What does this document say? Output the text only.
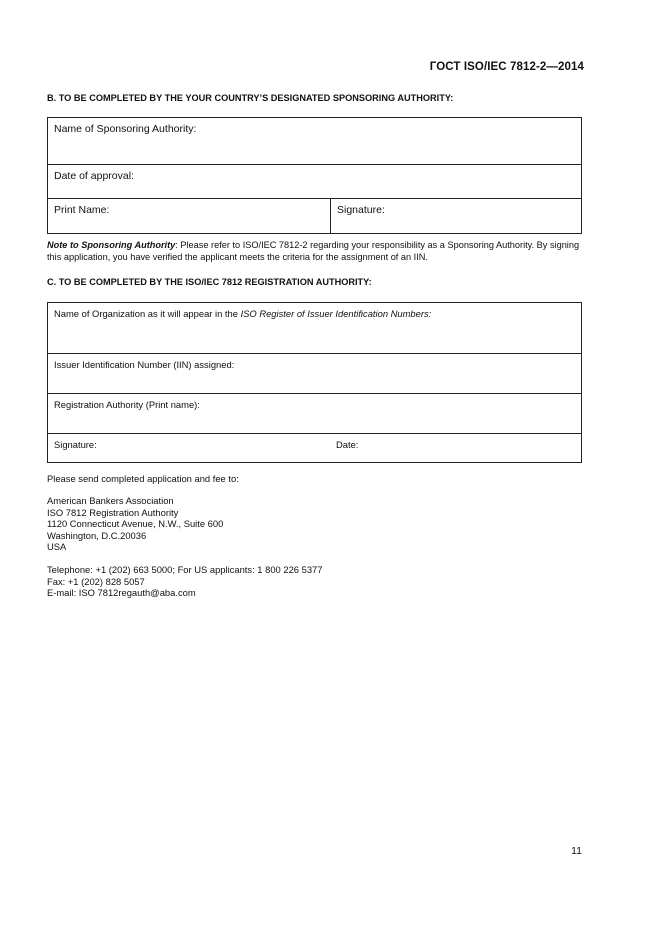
ГОСТ ISO/IEC 7812-2—2014
B. TO BE COMPLETED BY THE YOUR COUNTRY’S DESIGNATED SPONSORING AUTHORITY:
Name of Sponsoring Authority:
Date of approval:
Print Name:	Signature:
Note to Sponsoring Authority: Please refer to ISO/IEC 7812-2 regarding your responsibility as a Sponsoring Authority. By signing this application, you have verified the applicant meets the criteria for the assignment of an IIN.
C. TO BE COMPLETED BY THE ISO/IEC 7812 REGISTRATION AUTHORITY:
Name of Organization as it will appear in the ISO Register of Issuer Identification Numbers:
Issuer Identification Number (IIN) assigned:
Registration Authority (Print name):
Signature:	Date:
Please send completed application and fee to:
American Bankers Association
ISO 7812 Registration Authority
1120 Connecticut Avenue, N.W., Suite 600
Washington, D.C.20036
USA
Telephone: +1 (202) 663 5000; For US applicants: 1 800 226 5377
Fax: +1 (202) 828 5057
E-mail: ISO 7812regauth@aba.com
11
